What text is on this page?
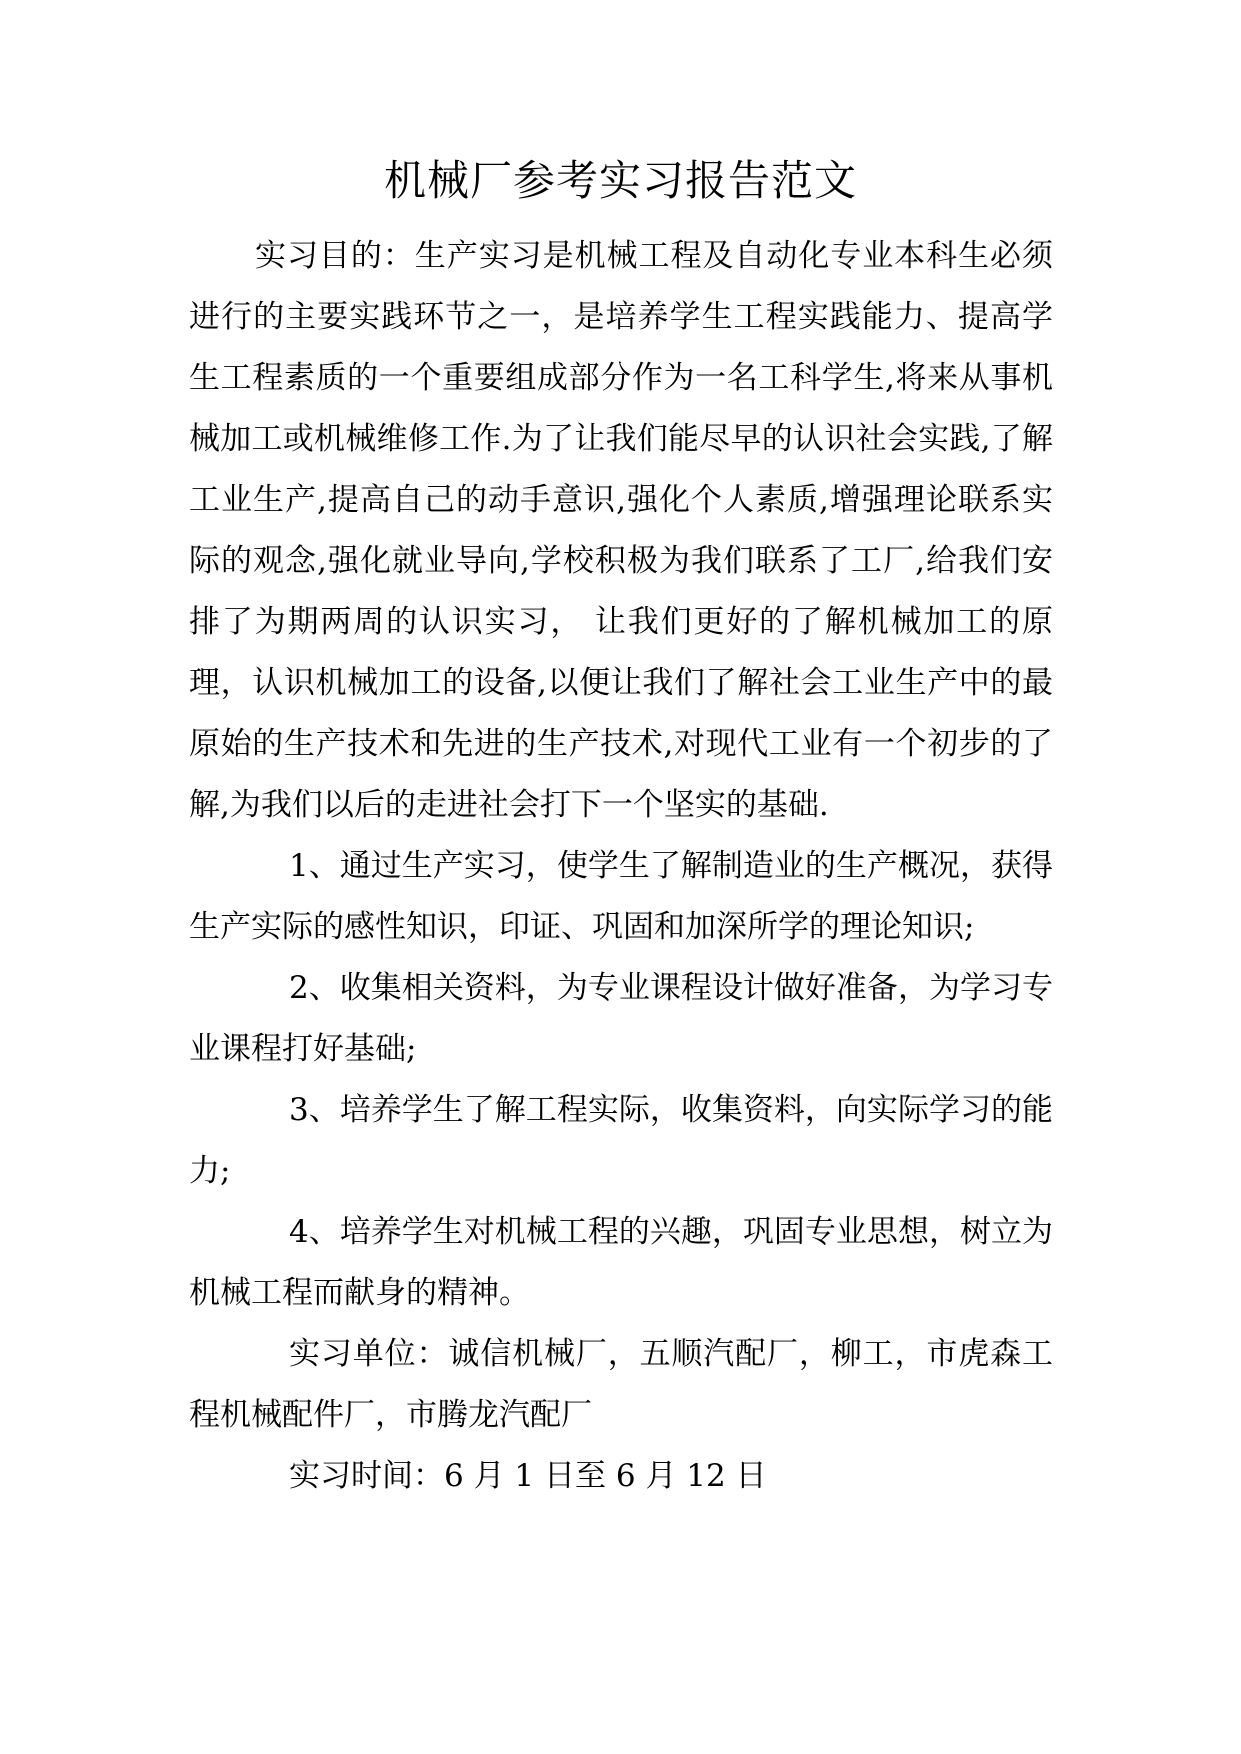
机械厂参考实习报告范文

实习目的：生产实习是机械工程及自动化专业本科生必须进行的主要实践环节之一，是培养学生工程实践能力、提高学生工程素质的一个重要组成部分作为一名工科学生,将来从事机械加工或机械维修工作.为了让我们能尽早的认识社会实践,了解工业生产,提高自己的动手意识,强化个人素质,增强理论联系实际的观念,强化就业导向,学校积极为我们联系了工厂,给我们安排了为期两周的认识实习， 让我们更好的了解机械加工的原理，认识机械加工的设备,以便让我们了解社会工业生产中的最原始的生产技术和先进的生产技术,对现代工业有一个初步的了解,为我们以后的走进社会打下一个坚实的基础.

1、通过生产实习，使学生了解制造业的生产概况，获得生产实际的感性知识，印证、巩固和加深所学的理论知识;

2、收集相关资料，为专业课程设计做好准备，为学习专业课程打好基础;

3、培养学生了解工程实际，收集资料，向实际学习的能力;

4、培养学生对机械工程的兴趣，巩固专业思想，树立为机械工程而献身的精神。

实习单位：诚信机械厂，五顺汽配厂，柳工，市虎森工程机械配件厂，市腾龙汽配厂

实习时间：6 月 1 日至 6 月 12 日
